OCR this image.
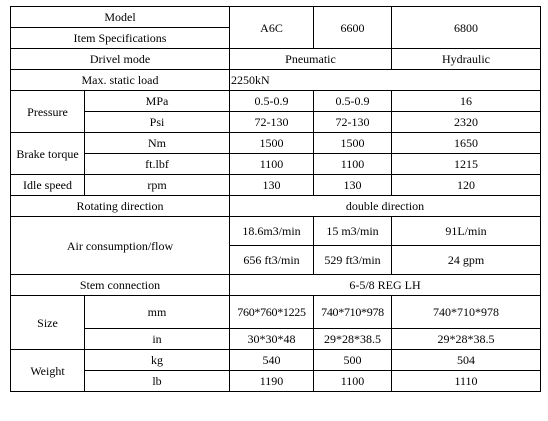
Model		A6C	6600	6800
Item Specifications				
Drivel mode		Pneumatic		Hydraulic
Max. static load		2250kN		
Pressure	MPa	0.5-0.9	0.5-0.9	16
	Psi	72-130	72-130	2320
Brake torque	Nm	1500	1500	1650
	ft.lbf	1100	1100	1215
Idle speed	rpm	130	130	120
Rotating direction		double direction		
Air consumption/flow		18.6m3/min	15 m3/min	91L/min
		656 ft3/min	529 ft3/min	24 gpm
Stem connection		6-5/8 REG LH		
Size	mm	760*760*1225	740*710*978	740*710*978
	in	30*30*48	29*28*38.5	29*28*38.5
Weight	kg	540	500	504
	lb	1190	1100	1110
